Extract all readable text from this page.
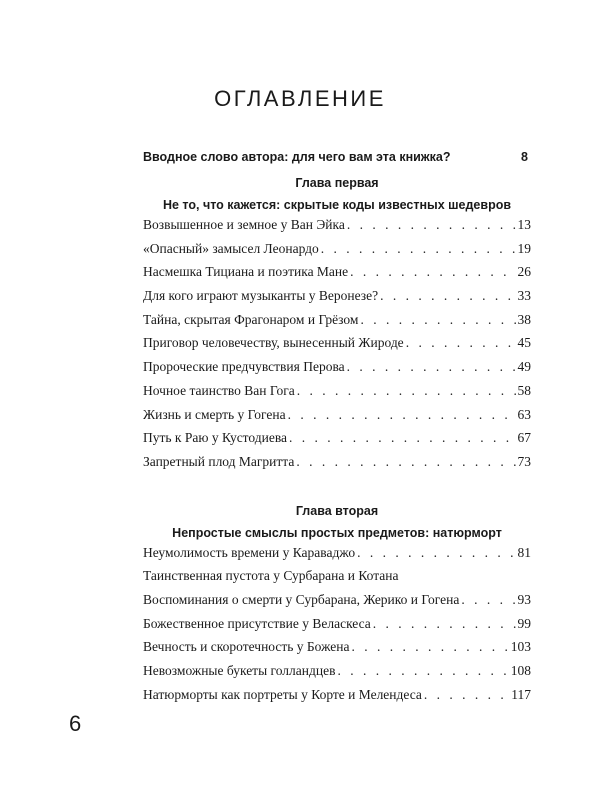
ОГЛАВЛЕНИЕ
Вводное слово автора: для чего вам эта книжка?	8
Глава первая
Не то, что кажется: скрытые коды известных шедевров
Возвышенное и земное у Ван Эйка . . .	13
«Опасный» замысел Леонардо . . .	19
Насмешка Тициана и поэтика Мане . . .	26
Для кого играют музыканты у Веронезе? . . .	33
Тайна, скрытая Фрагонаром и Грёзом . . .	38
Приговор человечеству, вынесенный Жироде . . .	45
Пророческие предчувствия Перова . . .	49
Ночное таинство Ван Гога . . .	58
Жизнь и смерть у Гогена . . .	63
Путь к Раю у Кустодиева . . .	67
Запретный плод Магритта . . .	73
Глава вторая
Непростые смыслы простых предметов: натюрморт
Неумолимость времени у Караваджо . . .	81
Таинственная пустота у Сурбарана и Котана
Воспоминания о смерти у Сурбарана, Жерико и Гогена . . .	93
Божественное присутствие у Веласкеса . . .	99
Вечность и скоротечность у Божена . . .	103
Невозможные букеты голландцев . . .	108
Натюрморты как портреты у Корте и Мелендеса . . .	117
6
